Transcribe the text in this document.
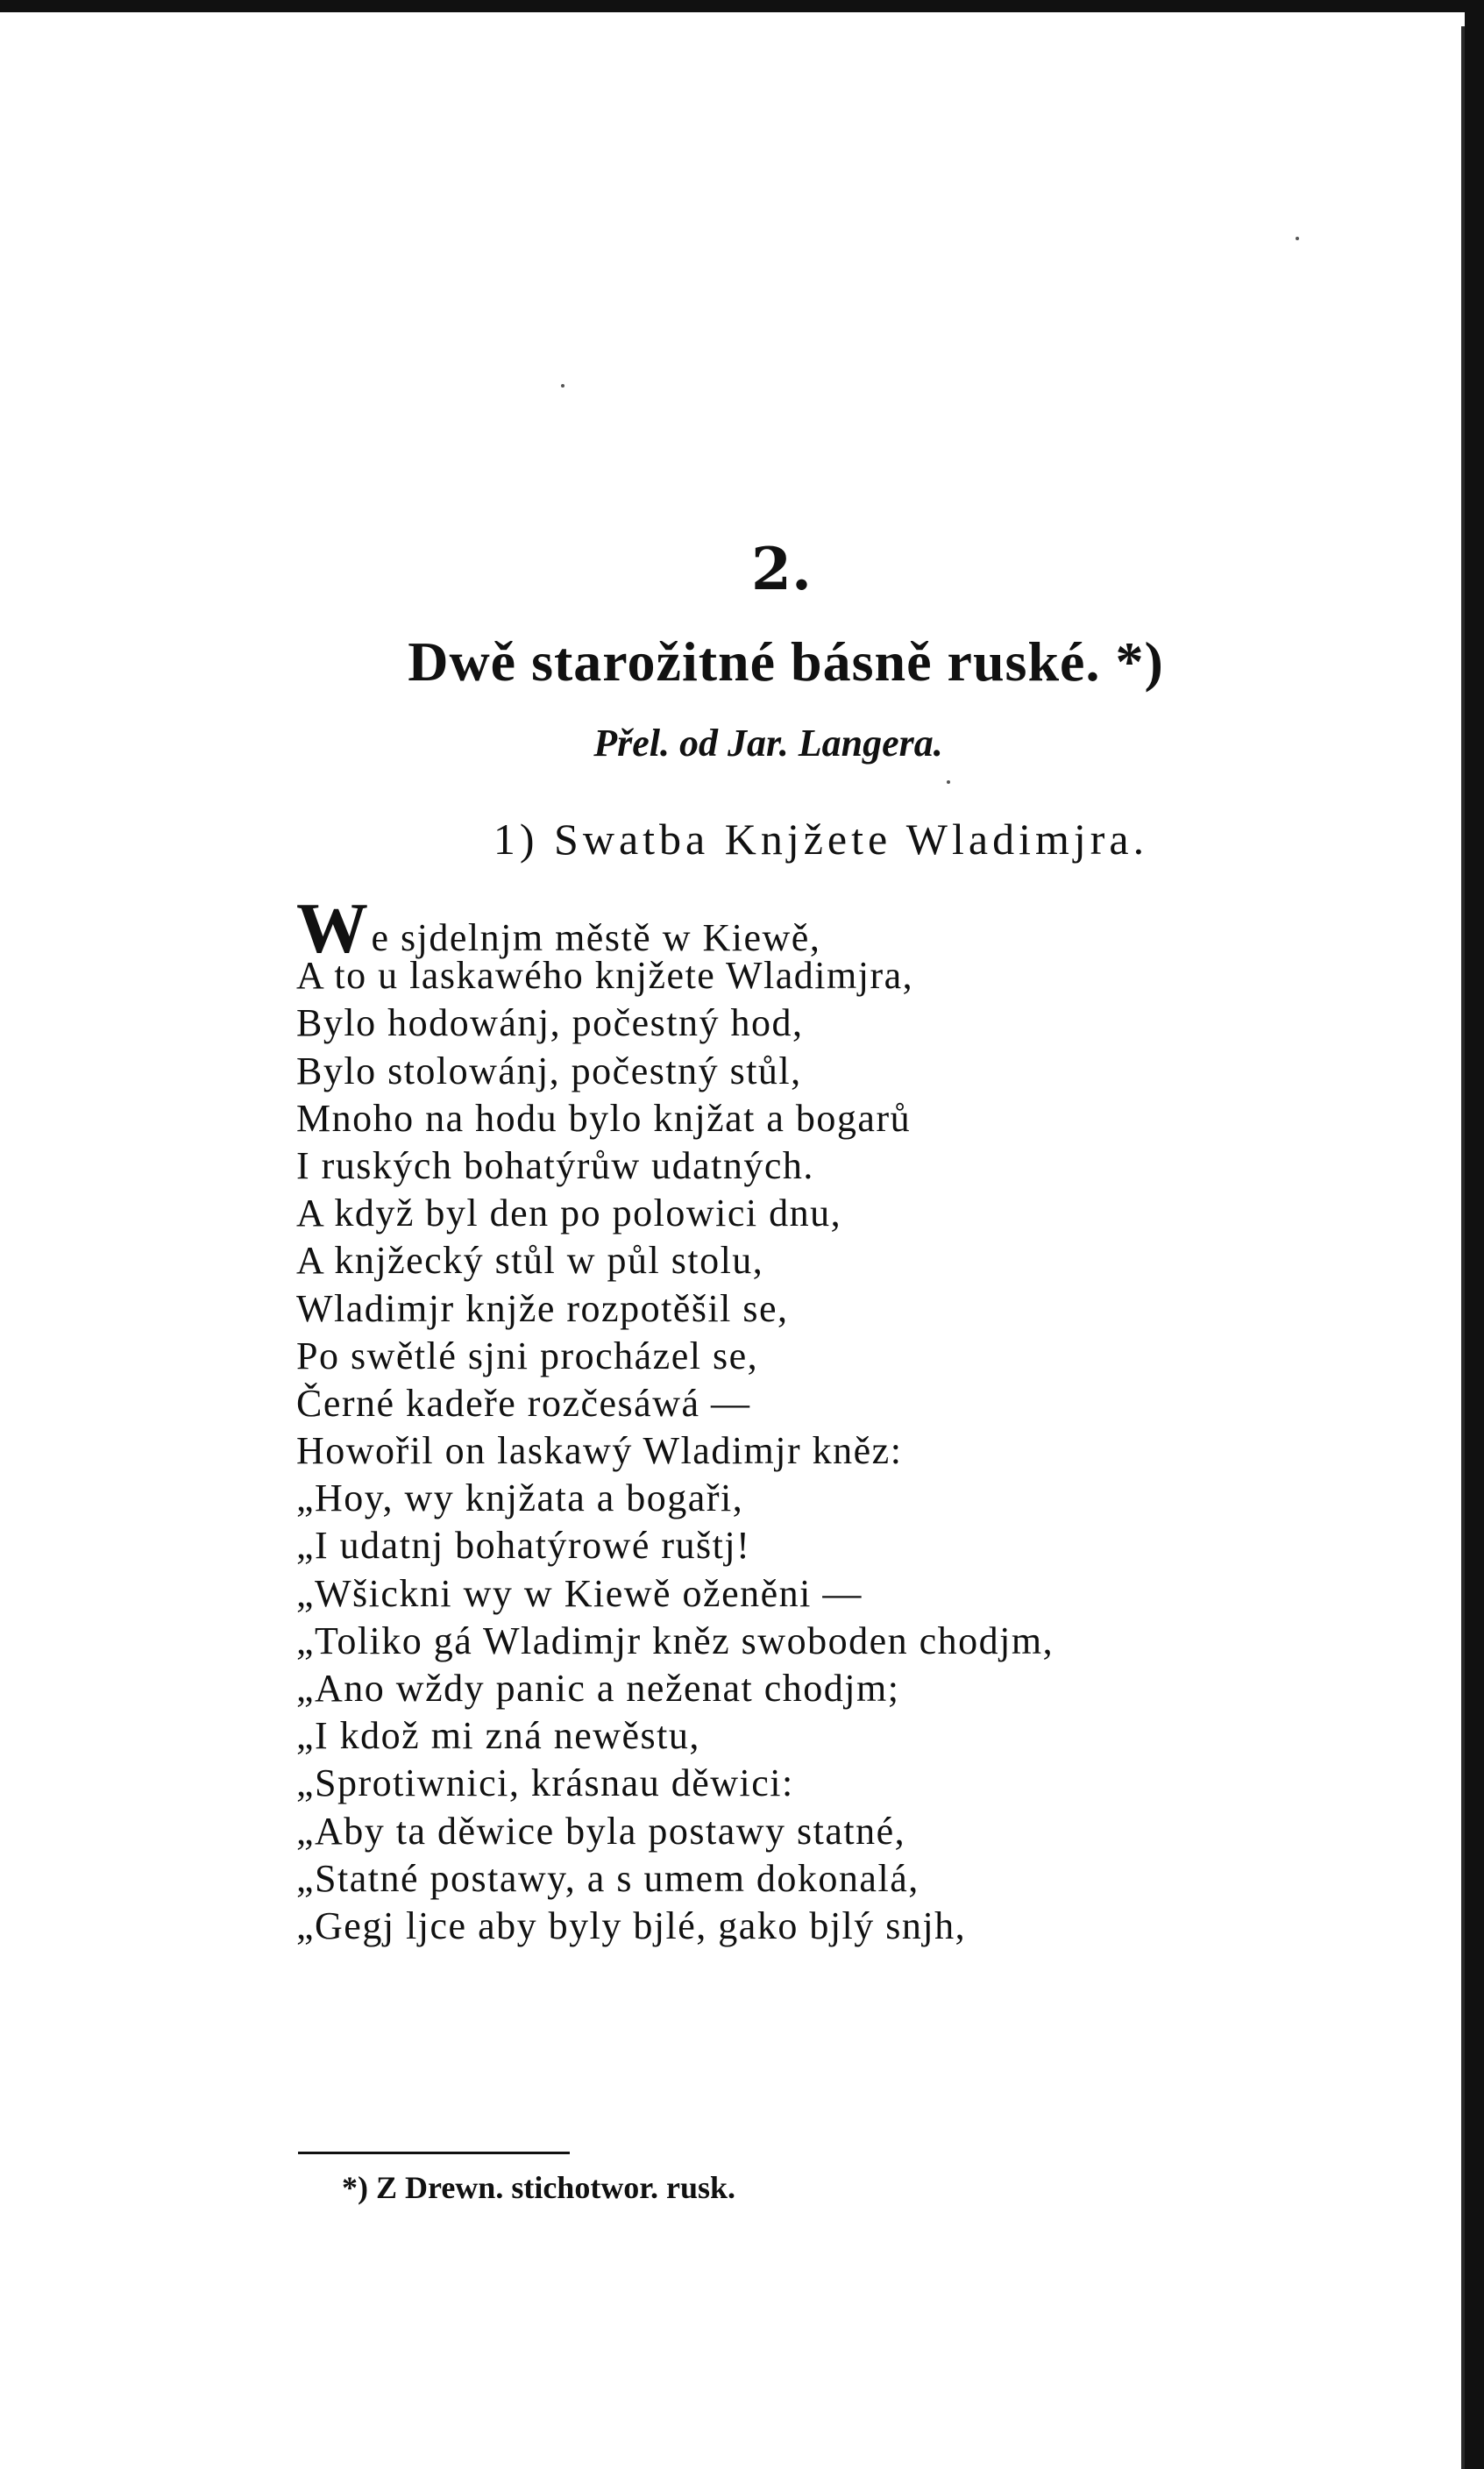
2.
Dwě starožitné básně ruské. *)
Přel. od Jar. Langera.
1) Swatba Knjžete Wladimjra.
We sjdelnjm městě w Kiewě,
A to u laskawého knjžete Wladimjra,
Bylo hodowánj, počestný hod,
Bylo stolowánj, počestný stůl,
Mnoho na hodu bylo knjžat a bogarů
I ruských bohatýrůw udatných.
A když byl den po polowici dnu,
A knjžecký stůl w půl stolu,
Wladimjr knjže rozpotěšil se,
Po swětlé sjni procházel se,
Černé kadeře rozčesáwá —
Howořil on laskawý Wladimjr kněz:
„Hoy, wy knjžata a bogaři,
„I udatnj bohatýrowé ruštj!
„Wšickni wy w Kiewě oženěni —
„Toliko gá Wladimjr kněz swoboden chodjm,
„Ano wždy panic a neženat chodjm;
„I kdož mi zná newěstu,
„Sprotiwnici, krásnau děwici:
„Aby ta děwice byla postawy statné,
„Statné postawy, a s umem dokonalá,
„Gegj ljce aby byly bjlé, gako bjlý snjh,
*) Z Drewn. stichotwor. rusk.
